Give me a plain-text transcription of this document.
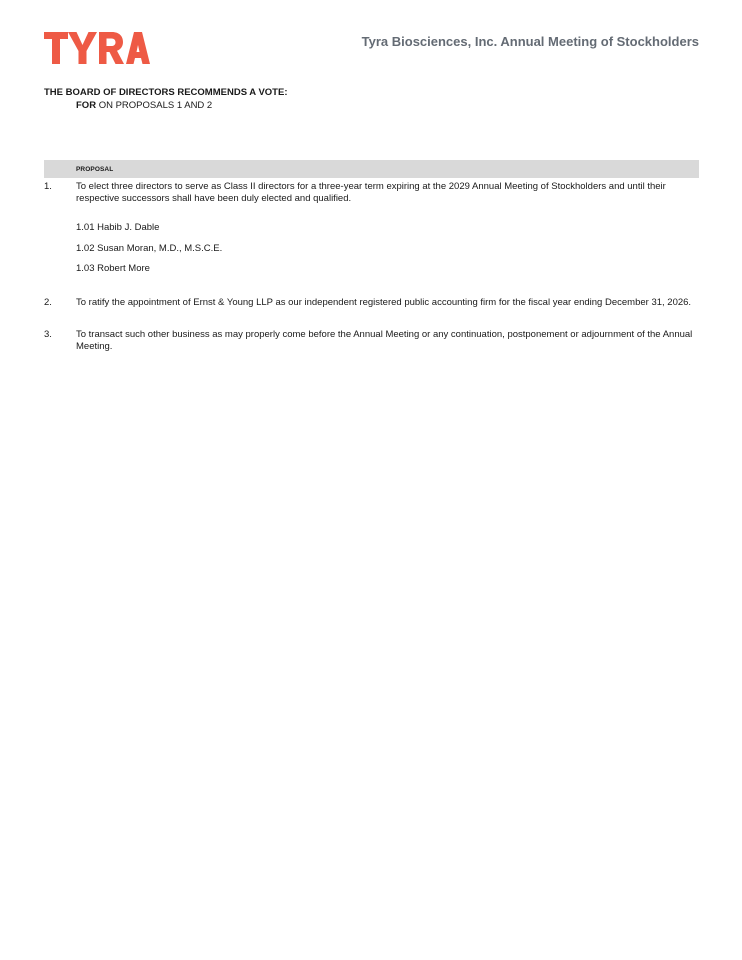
Tyra Biosciences, Inc. Annual Meeting of Stockholders
THE BOARD OF DIRECTORS RECOMMENDS A VOTE:
FOR ON PROPOSALS 1 AND 2
PROPOSAL
1.	To elect three directors to serve as Class II directors for a three-year term expiring at the 2029 Annual Meeting of Stockholders and until their respective successors shall have been duly elected and qualified.
1.01 Habib J. Dable
1.02 Susan Moran, M.D., M.S.C.E.
1.03 Robert More
2.	To ratify the appointment of Ernst & Young LLP as our independent registered public accounting firm for the fiscal year ending December 31, 2026.
3.	To transact such other business as may properly come before the Annual Meeting or any continuation, postponement or adjournment of the Annual Meeting.
